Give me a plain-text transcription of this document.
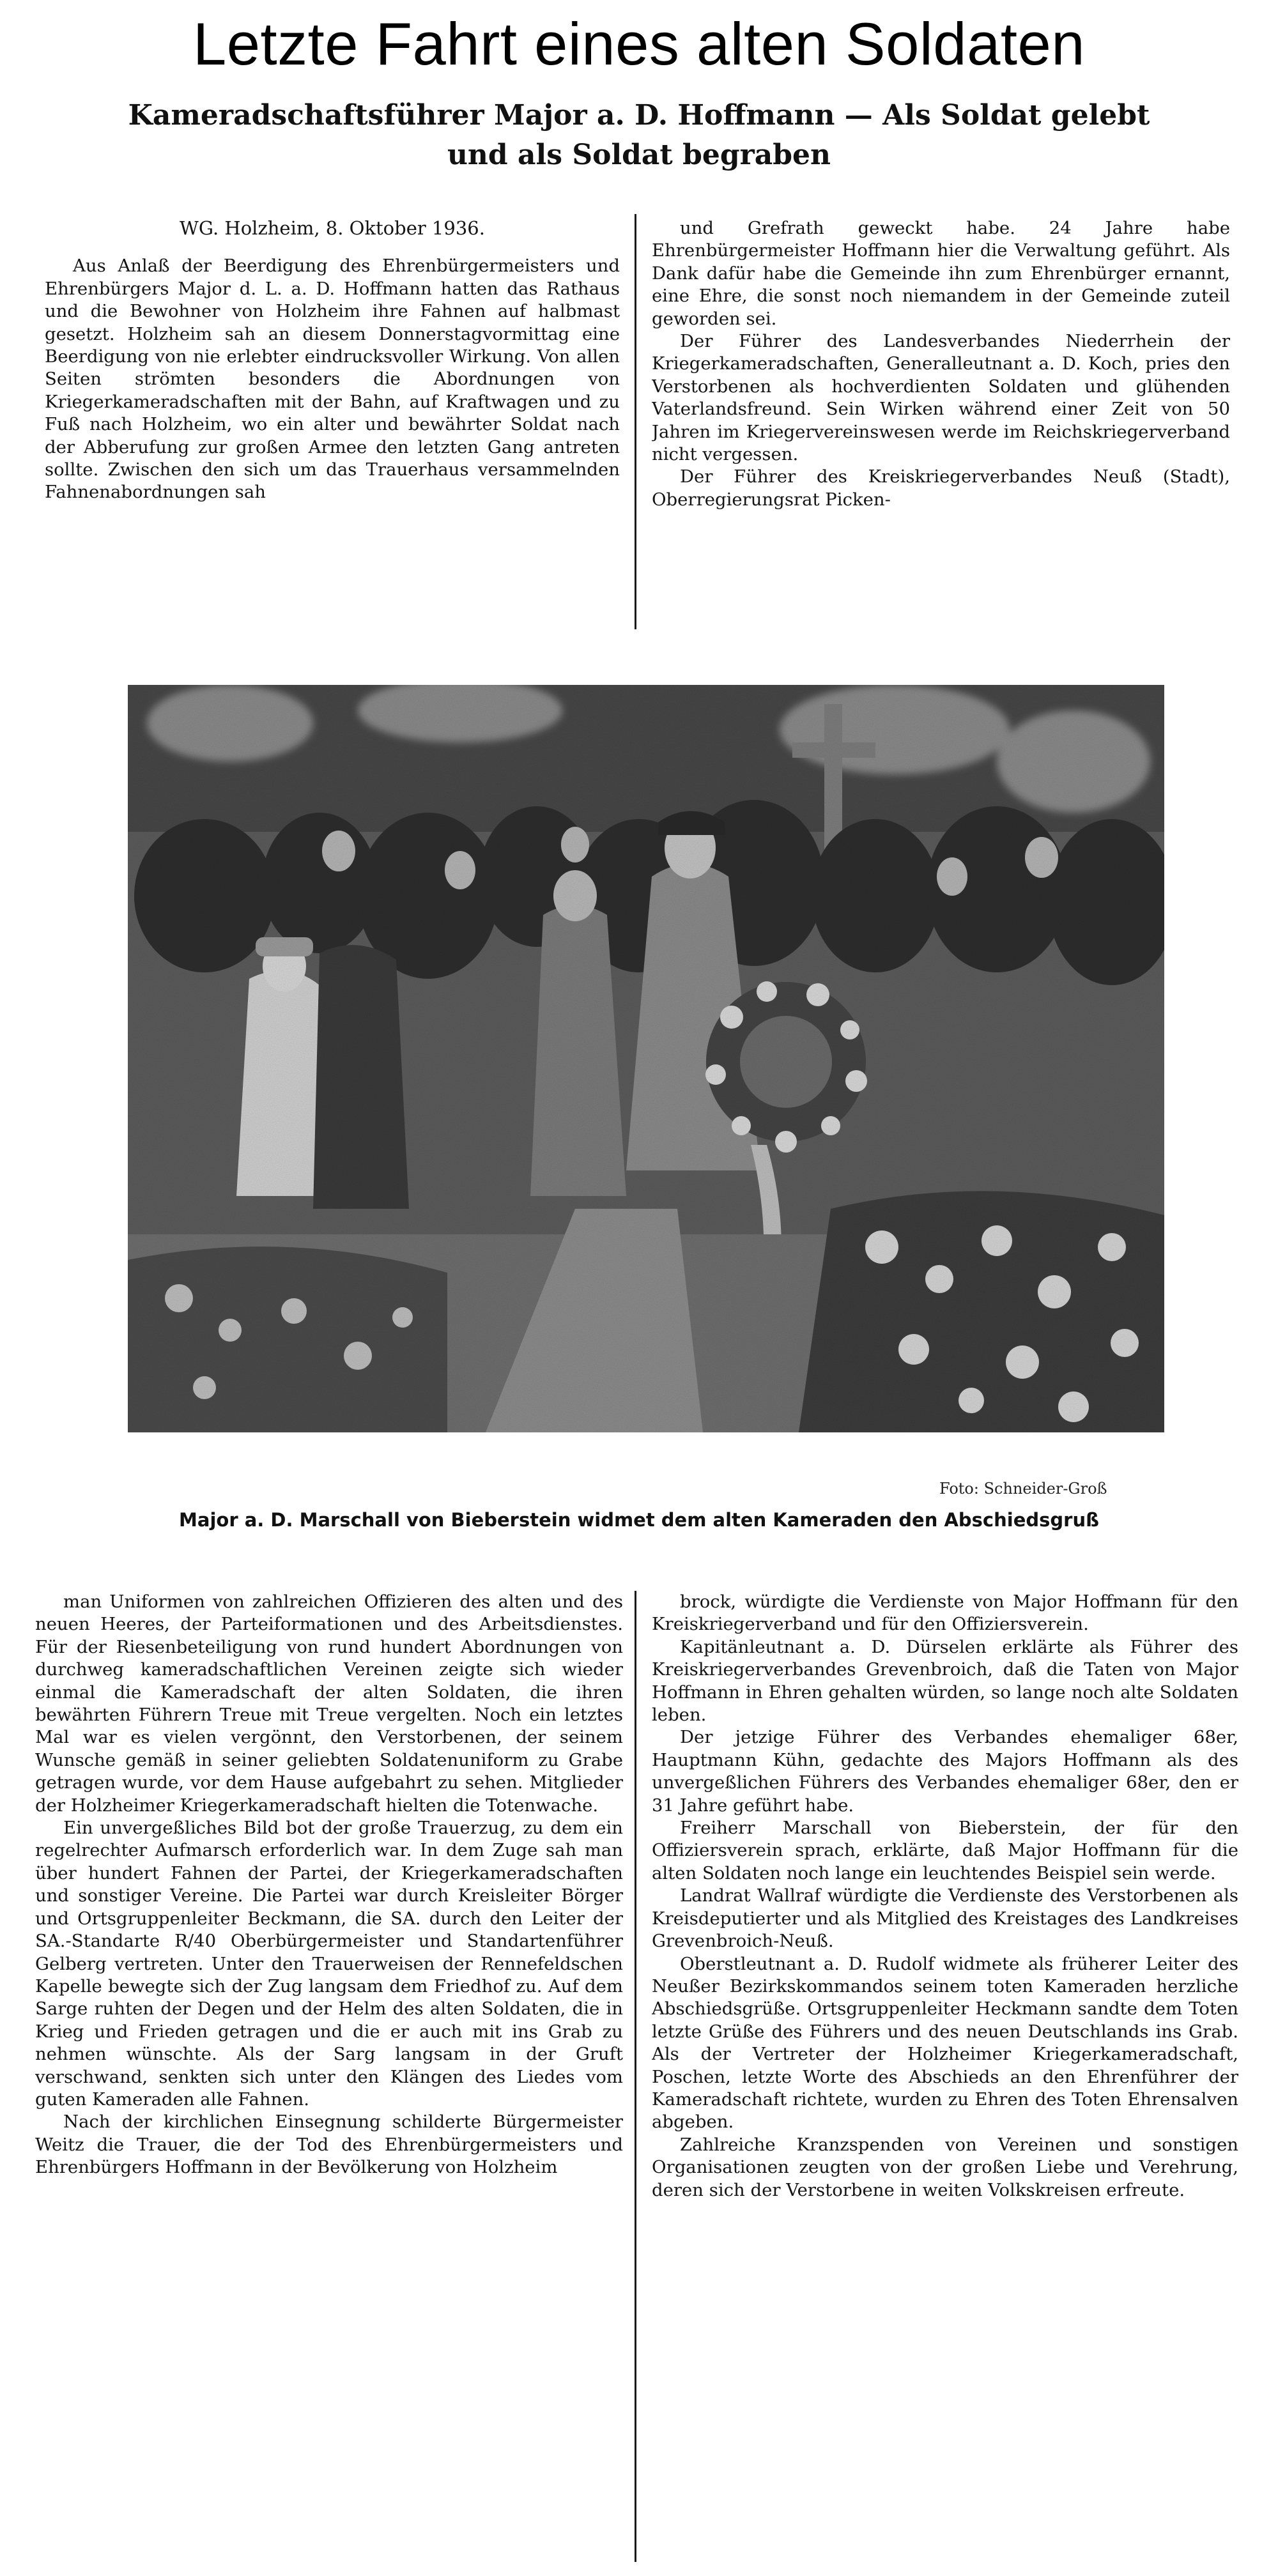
Letzte Fahrt eines alten Soldaten
Kameradschaftsführer Major a. D. Hoffmann — Als Soldat gelebt
und als Soldat begraben

WG. Holzheim, 8. Oktober 1936.

Aus Anlaß der Beerdigung des Ehrenbürgermeisters und Ehrenbürgers Major d. L. a. D. Hoffmann hatten das Rathaus und die Bewohner von Holzheim ihre Fahnen auf halbmast gesetzt. Holzheim sah an diesem Donnerstagvormittag eine Beerdigung von nie erlebter eindrucksvoller Wirkung. Von allen Seiten strömten besonders die Abordnungen von Kriegerkameradschaften mit der Bahn, auf Kraftwagen und zu Fuß nach Holzheim, wo ein alter und bewährter Soldat nach der Abberufung zur großen Armee den letzten Gang antreten sollte. Zwischen den sich um das Trauerhaus versammelnden Fahnenabordnungen sah

und Grefrath geweckt habe. 24 Jahre habe Ehrenbürgermeister Hoffmann hier die Verwaltung geführt. Als Dank dafür habe die Gemeinde ihn zum Ehrenbürger ernannt, eine Ehre, die sonst noch niemandem in der Gemeinde zuteil geworden sei.

Der Führer des Landesverbandes Niederrhein der Kriegerkameradschaften, Generalleutnant a. D. Koch, pries den Verstorbenen als hochverdienten Soldaten und glühenden Vaterlandsfreund. Sein Wirken während einer Zeit von 50 Jahren im Kriegervereinswesen werde im Reichskriegerverband nicht vergessen.

Der Führer des Kreiskriegerverbandes Neuß (Stadt), Oberregierungsrat Picken-

Foto: Schneider-Groß
Major a. D. Marschall von Bieberstein widmet dem alten Kameraden den Abschiedsgruß

man Uniformen von zahlreichen Offizieren des alten und des neuen Heeres, der Parteiformationen und des Arbeitsdienstes. Für der Riesenbeteiligung von rund hundert Abordnungen von durchweg kameradschaftlichen Vereinen zeigte sich wieder einmal die Kameradschaft der alten Soldaten, die ihren bewährten Führern Treue mit Treue vergelten. Noch ein letztes Mal war es vielen vergönnt, den Verstorbenen, der seinem Wunsche gemäß in seiner geliebten Soldatenuniform zu Grabe getragen wurde, vor dem Hause aufgebahrt zu sehen. Mitglieder der Holzheimer Kriegerkameradschaft hielten die Totenwache.

Ein unvergeßliches Bild bot der große Trauerzug, zu dem ein regelrechter Aufmarsch erforderlich war. In dem Zuge sah man über hundert Fahnen der Partei, der Kriegerkameradschaften und sonstiger Vereine. Die Partei war durch Kreisleiter Börger und Ortsgruppenleiter Beckmann, die SA. durch den Leiter der SA.-Standarte R/40 Oberbürgermeister und Standartenführer Gelberg vertreten. Unter den Trauerweisen der Rennefeldschen Kapelle bewegte sich der Zug langsam dem Friedhof zu. Auf dem Sarge ruhten der Degen und der Helm des alten Soldaten, die in Krieg und Frieden getragen und die er auch mit ins Grab zu nehmen wünschte. Als der Sarg langsam in der Gruft verschwand, senkten sich unter den Klängen des Liedes vom guten Kameraden alle Fahnen.

Nach der kirchlichen Einsegnung schilderte Bürgermeister Weitz die Trauer, die der Tod des Ehrenbürgermeisters und Ehrenbürgers Hoffmann in der Bevölkerung von Holzheim

brock, würdigte die Verdienste von Major Hoffmann für den Kreiskriegerverband und für den Offiziersverein.

Kapitänleutnant a. D. Dürselen erklärte als Führer des Kreiskriegerverbandes Grevenbroich, daß die Taten von Major Hoffmann in Ehren gehalten würden, so lange noch alte Soldaten leben.

Der jetzige Führer des Verbandes ehemaliger 68er, Hauptmann Kühn, gedachte des Majors Hoffmann als des unvergeßlichen Führers des Verbandes ehemaliger 68er, den er 31 Jahre geführt habe.

Freiherr Marschall von Bieberstein, der für den Offiziersverein sprach, erklärte, daß Major Hoffmann für die alten Soldaten noch lange ein leuchtendes Beispiel sein werde.

Landrat Wallraf würdigte die Verdienste des Verstorbenen als Kreisdeputierter und als Mitglied des Kreistages des Landkreises Grevenbroich-Neuß.

Oberstleutnant a. D. Rudolf widmete als früherer Leiter des Neußer Bezirkskommandos seinem toten Kameraden herzliche Abschiedsgrüße. Ortsgruppenleiter Heckmann sandte dem Toten letzte Grüße des Führers und des neuen Deutschlands ins Grab. Als der Vertreter der Holzheimer Kriegerkameradschaft, Poschen, letzte Worte des Abschieds an den Ehrenführer der Kameradschaft richtete, wurden zu Ehren des Toten Ehrensalven abgeben.

Zahlreiche Kranzspenden von Vereinen und sonstigen Organisationen zeugten von der großen Liebe und Verehrung, deren sich der Verstorbene in weiten Volkskreisen erfreute.
